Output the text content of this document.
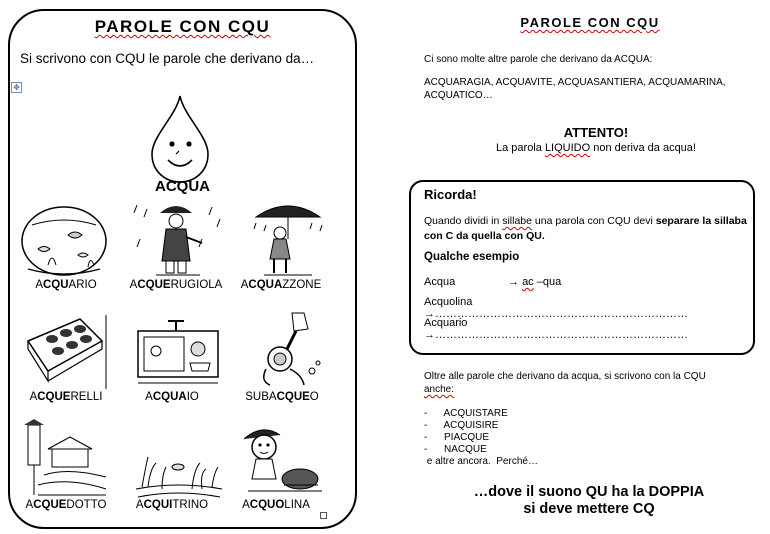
✥
PAROLE CON CQU
Si scrivono con CQU le parole che derivano da…
ACQUA
ACQUARIO	ACQUERUGIOLA	ACQUAZZONE
ACQUERELLI	ACQUAIO	SUBACQUEO
ACQUEDOTTO	ACQUITRINO	ACQUOLINA
PAROLE CON CQU
Ci sono molte altre parole che derivano da ACQUA:
ACQUARAGIA, ACQUAVITE, ACQUASANTIERA, ACQUAMARINA,
ACQUATICO…
ATTENTO!
La parola LIQUIDO non deriva da acqua!
Ricorda!
Quando dividi in sillabe una parola con CQU devi separare la sillaba con C da quella con QU.
Qualche esempio
Acqua	→ ac –qua
Acquolina→……………………………………………………………
Acquario→……………………………………………………………
Oltre alle parole che derivano da acqua, si scrivono con la CQU
anche:
- ACQUISTARE
- ACQUISIRE
- PIACQUE
- NACQUE
e altre ancora.  Perché…
…dove il suono QU ha la DOPPIA
si deve mettere CQ
